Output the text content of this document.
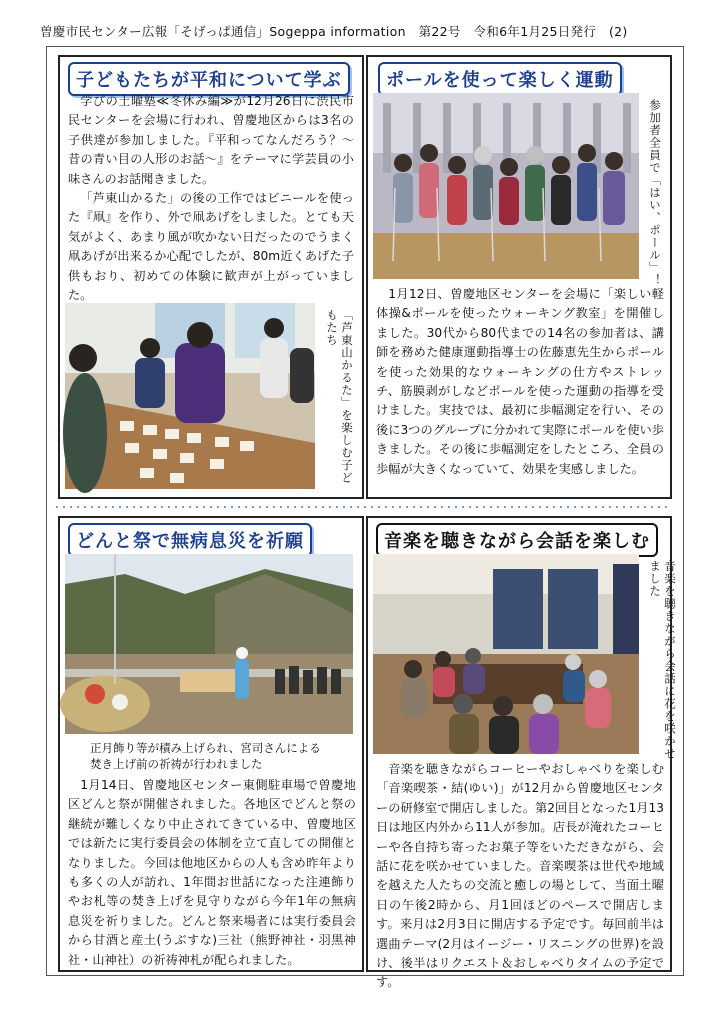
曽慶市民センター広報「そげっぱ通信」Sogeppa information　第22号　令和6年1月25日発行　(2)
子どもたちが平和について学ぶ

学びの土曜塾≪冬休み編≫が12月26日に渋民市民センターを会場に行われ、曽慶地区からは3名の子供達が参加しました。『平和ってなんだろう？～昔の青い目の人形のお話～』をテーマに学芸員の小味さんのお話聞きました。

「芦東山かるた」の後の工作ではビニールを使った『凧』を作り、外で凧あげをしました。とても天気がよく、あまり風が吹かない日だったのでうまく凧あげが出来るか心配でしたが、80m近くあげた子供もおり、初めての体験に歓声が上がっていました。

「芦東山かるた」を楽しむ子どもたち
ポールを使って楽しく運動
参加者全員で「はい、ポール」！

1月12日、曽慶地区センターを会場に「楽しい軽体操&ポールを使ったウォーキング教室」を開催しました。30代から80代までの14名の参加者は、講師を務めた健康運動指導士の佐藤恵先生からポールを使った効果的なウォーキングの仕方やストレッチ、筋膜剥がしなどポールを使った運動の指導を受けました。実技では、最初に歩幅測定を行い、その後に3つのグループに分かれて実際にポールを使い歩きました。その後に歩幅測定をしたところ、全員の歩幅が大きくなっていて、効果を実感しました。

どんと祭で無病息災を祈願
正月飾り等が積み上げられ、宮司さんによる焚き上げ前の祈祷が行われました

1月14日、曽慶地区センター東側駐車場で曽慶地区どんと祭が開催されました。各地区でどんと祭の継続が難しくなり中止されてきている中、曽慶地区では新たに実行委員会の体制を立て直しての開催となりました。今回は他地区からの人も含め昨年よりも多くの人が訪れ、1年間お世話になった注連飾りやお札等の焚き上げを見守りながら今年1年の無病息災を祈りました。どんと祭来場者には実行委員会から甘酒と産土(うぶすな)三社（熊野神社・羽黒神社・山神社）の祈祷神札が配られました。

音楽を聴きながら会話を楽しむ
音楽を聴きながら会話に花を咲かせました

音楽を聴きながらコーヒーやおしゃべりを楽しむ「音楽喫茶・結(ゆい)」が12月から曽慶地区センターの研修室で開店しました。第2回目となった1月13日は地区内外から11人が参加。店長が淹れたコーヒーや各自持ち寄ったお菓子等をいただきながら、会話に花を咲かせていました。音楽喫茶は世代や地域を越えた人たちの交流と癒しの場として、当面土曜日の午後2時から、月1回ほどのペースで開店します。来月は2月3日に開店する予定です。毎回前半は選曲テーマ(2月はイージー・リスニングの世界)を設け、後半はリクエスト＆おしゃべりタイムの予定です。
